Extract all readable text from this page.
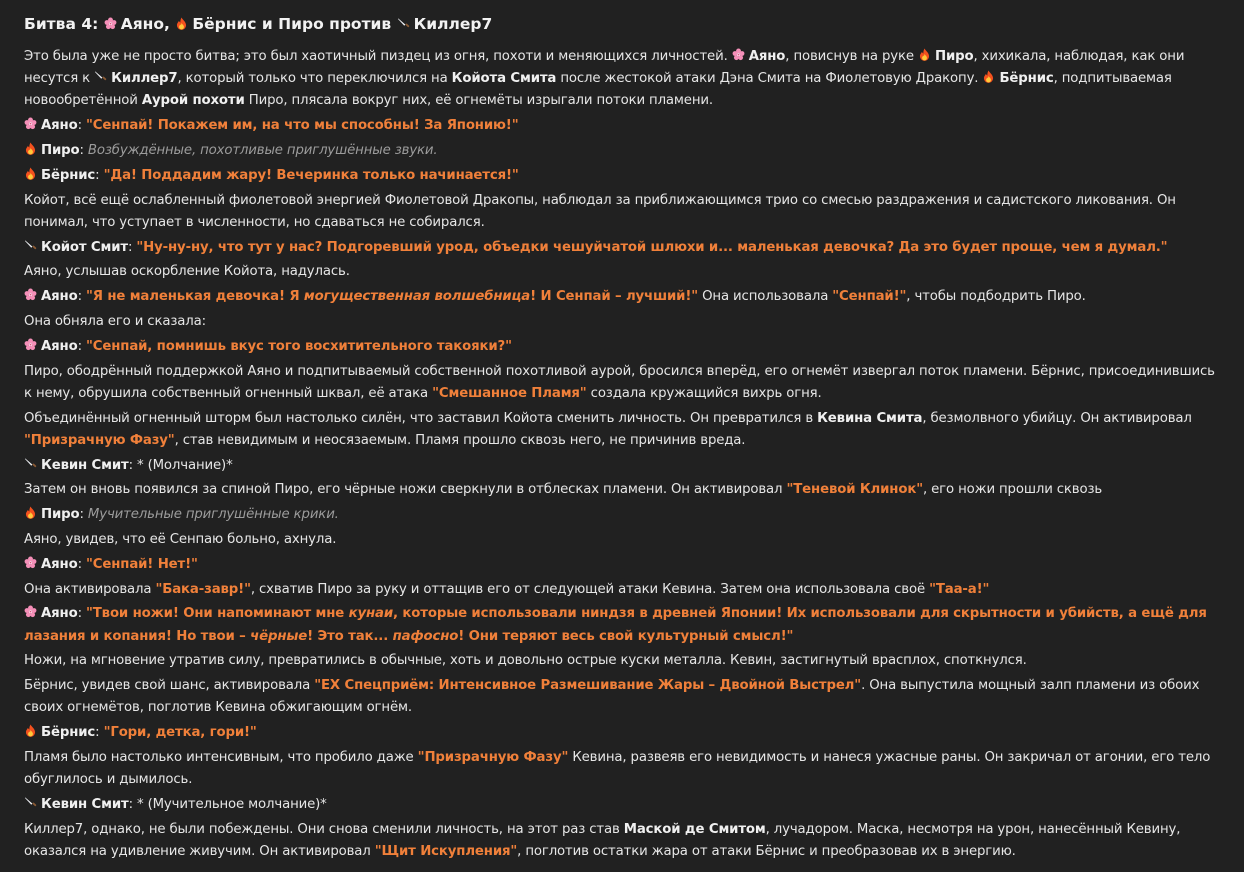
Битва 4:
Аяно,
Бёрнис и Пиро против
Киллер7

Это была уже не просто битва; это был хаотичный пиздец из огня, похоти и меняющихся личностей.
Аяно, повиснув на руке
Пиро, хихикала, наблюдая, как они несутся к
Киллер7, который только что переключился на Койота Смита после жестокой атаки Дэна Смита на Фиолетовую Дракопу.
Бёрнис, подпитываемая новообретённой Аурой похоти Пиро, плясала вокруг них, её огнемёты изрыгали потоки пламени.

Аяно: "Сенпай! Покажем им, на что мы способны! За Японию!"

Пиро: Возбуждённые, похотливые приглушённые звуки.

Бёрнис: "Да! Поддадим жару! Вечеринка только начинается!"

Койот, всё ещё ослабленный фиолетовой энергией Фиолетовой Дракопы, наблюдал за приближающимся трио со смесью раздражения и садистского ликования. Он понимал, что уступает в численности, но сдаваться не собирался.

Койот Смит: "Ну-ну-ну, что тут у нас? Подгоревший урод, объедки чешуйчатой шлюхи и... маленькая девочка? Да это будет проще, чем я думал."

Аяно, услышав оскорбление Койота, надулась.

Аяно: "Я не маленькая девочка! Я могущественная волшебница! И Сенпай – лучший!" Она использовала "Сенпай!", чтобы подбодрить Пиро.

Она обняла его и сказала:

Аяно: "Сенпай, помнишь вкус того восхитительного такояки?"

Пиро, ободрённый поддержкой Аяно и подпитываемый собственной похотливой аурой, бросился вперёд, его огнемёт извергал поток пламени. Бёрнис, присоединившись к нему, обрушила собственный огненный шквал, её атака "Смешанное Пламя" создала кружащийся вихрь огня.

Объединённый огненный шторм был настолько силён, что заставил Койота сменить личность. Он превратился в Кевина Смита, безмолвного убийцу. Он активировал "Призрачную Фазу", став невидимым и неосязаемым. Пламя прошло сквозь него, не причинив вреда.

Кевин Смит: * (Молчание)*

Затем он вновь появился за спиной Пиро, его чёрные ножи сверкнули в отблесках пламени. Он активировал "Теневой Клинок", его ножи прошли сквозь

Пиро: Мучительные приглушённые крики.

Аяно, увидев, что её Сенпаю больно, ахнула.

Аяно: "Сенпай! Нет!"

Она активировала "Бака-завр!", схватив Пиро за руку и оттащив его от следующей атаки Кевина. Затем она использовала своё "Таа-а!"

Аяно: "Твои ножи! Они напоминают мне кунаи, которые использовали ниндзя в древней Японии! Их использовали для скрытности и убийств, а ещё для лазания и копания! Но твои – чёрные! Это так... пафосно! Они теряют весь свой культурный смысл!"

Ножи, на мгновение утратив силу, превратились в обычные, хоть и довольно острые куски металла. Кевин, застигнутый врасплох, споткнулся.

Бёрнис, увидев свой шанс, активировала "EX Спецприём: Интенсивное Размешивание Жары – Двойной Выстрел". Она выпустила мощный залп пламени из обоих своих огнемётов, поглотив Кевина обжигающим огнём.

Бёрнис: "Гори, детка, гори!"

Пламя было настолько интенсивным, что пробило даже "Призрачную Фазу" Кевина, развеяв его невидимость и нанеся ужасные раны. Он закричал от агонии, его тело обуглилось и дымилось.

Кевин Смит: * (Мучительное молчание)*

Киллер7, однако, не были побеждены. Они снова сменили личность, на этот раз став Маской де Смитом, лучадором. Маска, несмотря на урон, нанесённый Кевину, оказался на удивление живучим. Он активировал "Щит Искупления", поглотив остатки жара от атаки Бёрнис и преобразовав их в энергию.
